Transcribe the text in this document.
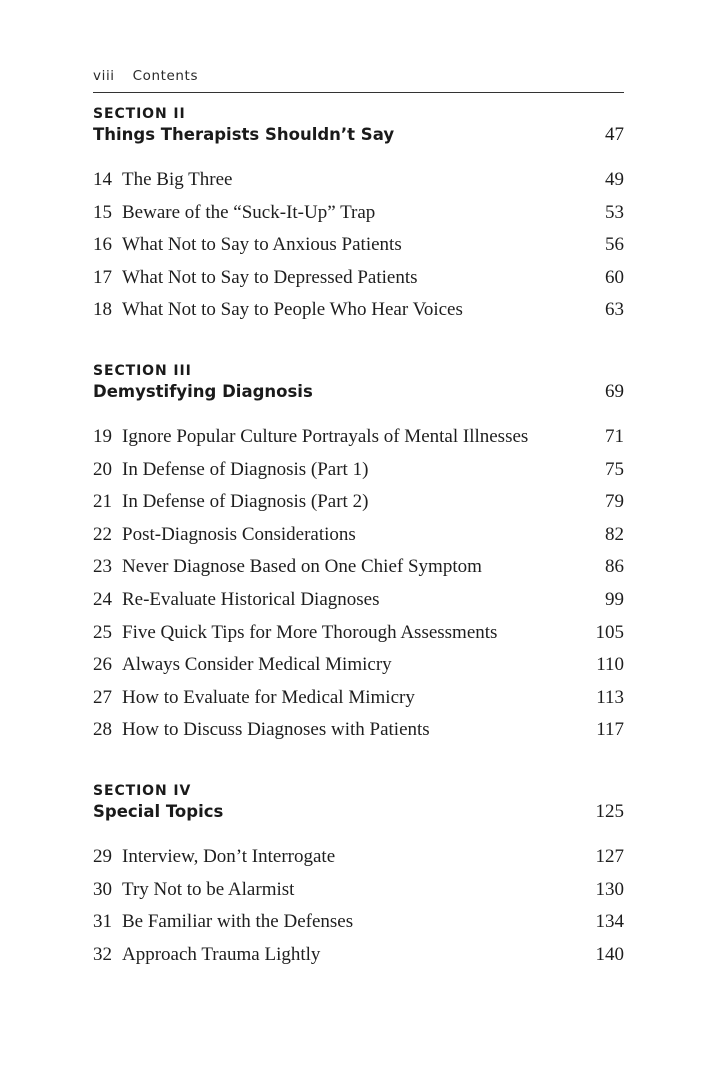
viii Contents
SECTION II
Things Therapists Shouldn’t Say	47
14 The Big Three	49
15 Beware of the “Suck-It-Up” Trap	53
16 What Not to Say to Anxious Patients	56
17 What Not to Say to Depressed Patients	60
18 What Not to Say to People Who Hear Voices	63
SECTION III
Demystifying Diagnosis	69
19 Ignore Popular Culture Portrayals of Mental Illnesses	71
20 In Defense of Diagnosis (Part 1)	75
21 In Defense of Diagnosis (Part 2)	79
22 Post-Diagnosis Considerations	82
23 Never Diagnose Based on One Chief Symptom	86
24 Re-Evaluate Historical Diagnoses	99
25 Five Quick Tips for More Thorough Assessments	105
26 Always Consider Medical Mimicry	110
27 How to Evaluate for Medical Mimicry	113
28 How to Discuss Diagnoses with Patients	117
SECTION IV
Special Topics	125
29 Interview, Don’t Interrogate	127
30 Try Not to be Alarmist	130
31 Be Familiar with the Defenses	134
32 Approach Trauma Lightly	140
